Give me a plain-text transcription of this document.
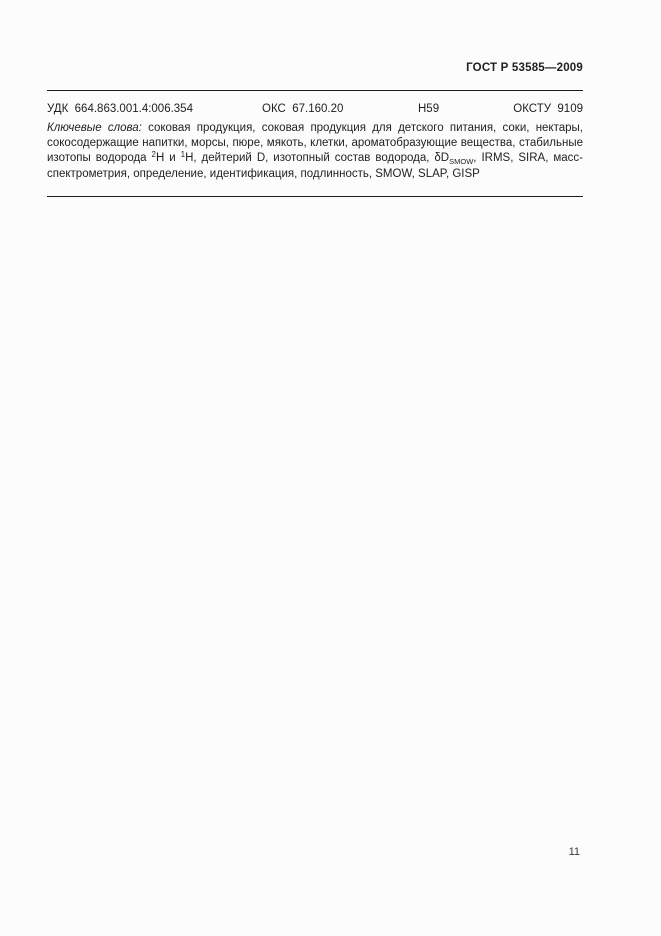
ГОСТ Р 53585—2009
УДК  664.863.001.4:006.354	ОКС  67.160.20	Н59	ОКСТУ  9109

Ключевые слова: соковая продукция, соковая продукция для детского питания, соки, нектары, сокосодержащие напитки, морсы, пюре, мякоть, клетки, ароматобразующие вещества, стабильные изотопы водорода $^2$H и $^1$H, дейтерий D, изотопный состав водорода, $\delta D_{SMOW}$, IRMS, SIRA, масс-спектрометрия, определение, идентификация, подлинность, SMOW, SLAP, GISP

11
